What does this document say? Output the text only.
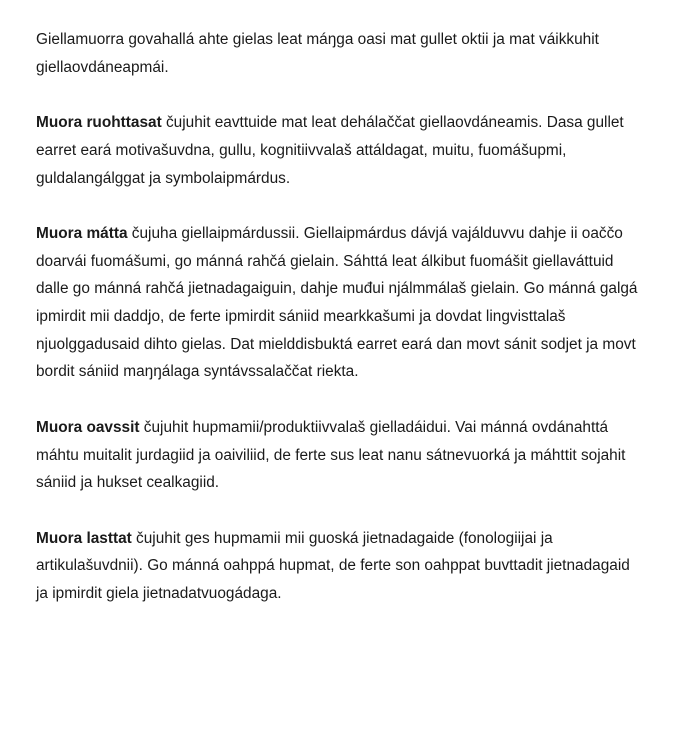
Giellamuorra govahallá ahte gielas leat máŋga oasi mat gullet oktii ja mat váikkuhit giellaovdáneapmái.

Muora ruohttasat čujuhit eavttuide mat leat dehálaččat giellaovdáneamis. Dasa gullet earret eará motivašuvdna, gullu, kognitiivvalaš attáldagat, muitu, fuomášupmi, guldalangálggat ja symbolaipmárdus.

Muora mátta čujuha giellaipmárdussii. Giellaipmárdus dávjá vajálduvvu dahje ii oaččo doarvái fuomášumi, go mánná rahčá gielain. Sáhttá leat álkibut fuomášit giellaváttuid dalle go mánná rahčá jietnadagaiguin, dahje muđui njálmmálaš gielain. Go mánná galgá ipmirdit mii daddjo, de ferte ipmirdit sániid mearkkašumi ja dovdat lingvisttalaš njuolggadusaid dihto gielas. Dat mielddisbuktá earret eará dan movt sánit sodjet ja movt bordit sániid maŋŋálaga syntávssalaččat riekta.

Muora oavssit čujuhit hupmamii/produktiivvalaš gielladáidui. Vai mánná ovdánahttá máhtu muitalit jurdagiid ja oaiviliid, de ferte sus leat nanu sátnevuorká ja máhttit sojahit sániid ja hukset cealkagiid.

Muora lasttat čujuhit ges hupmamii mii guoská jietnadagaide (fonologiijai ja artikulašuvdnii). Go mánná oahppá hupmat, de ferte son oahppat buvttadit jietnadagaid ja ipmirdit giela jietnadatvuogádaga.
